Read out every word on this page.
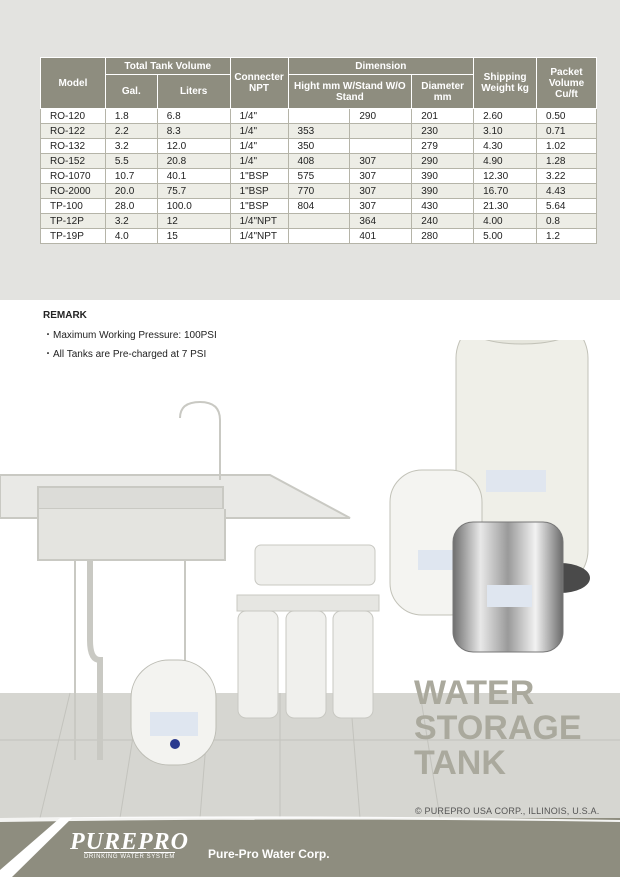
Model	Total Tank Volume		Connecter NPT	Dimension			Shipping Weight kg	Packet Volume Cu/ft
	Gal.	Liters		Hight mm W/Stand W/O Stand		Diameter mm		
RO-120	1.8	6.8	1/4"		290	201	2.60	0.50
RO-122	2.2	8.3	1/4"	353		230	3.10	0.71
RO-132	3.2	12.0	1/4"	350		279	4.30	1.02
RO-152	5.5	20.8	1/4"	408	307	290	4.90	1.28
RO-1070	10.7	40.1	1"BSP	575	307	390	12.30	3.22
RO-2000	20.0	75.7	1"BSP	770	307	390	16.70	4.43
TP-100	28.0	100.0	1"BSP	804	307	430	21.30	5.64
TP-12P	3.2	12	1/4"NPT		364	240	4.00	0.8
TP-19P	4.0	15	1/4"NPT		401	280	5.00	1.2
REMARK
・Maximum Working Pressure: 100PSI
・All Tanks are Pre-charged at 7 PSI
WATER
STORAGE
TANK
© PUREPRO USA CORP., ILLINOIS, U.S.A.
PUREPRO
DRINKING WATER SYSTEM	Pure-Pro Water Corp.
